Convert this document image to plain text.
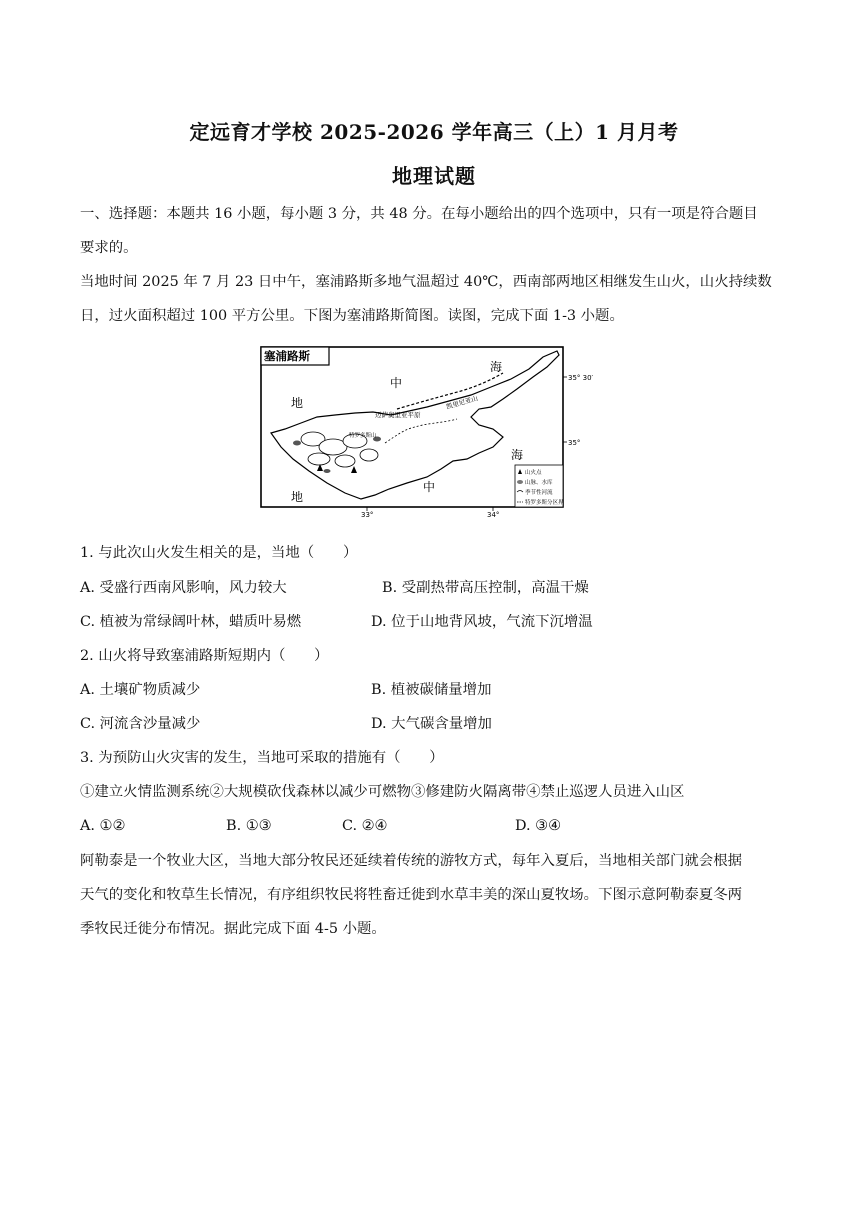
定远育才学校 2025-2026 学年高三（上）1 月月考
地理试题
一、选择题：本题共 16 小题，每小题 3 分，共 48 分。在每小题给出的四个选项中，只有一项是符合题目
要求的。
当地时间 2025 年 7 月 23 日中午，塞浦路斯多地气温超过 40℃，西南部两地区相继发生山火，山火持续数
日，过火面积超过 100 平方公里。下图为塞浦路斯简图。读图，完成下面 1-3 小题。
塞浦路斯
地
中
海
海
地
中
凯里尼亚山
迈萨奥里亚平原
特罗多斯山
35° 30′
35°
33°	34°
山火点
山脉、水库
季节性河流
特罗多斯分区界
1. 与此次山火发生相关的是，当地（　　）
A. 受盛行西南风影响，风力较大	B. 受副热带高压控制，高温干燥
C. 植被为常绿阔叶林，蜡质叶易燃	D. 位于山地背风坡，气流下沉增温
2. 山火将导致塞浦路斯短期内（　　）
A. 土壤矿物质减少	B. 植被碳储量增加
C. 河流含沙量减少	D. 大气碳含量增加
3. 为预防山火灾害的发生，当地可采取的措施有（　　）
①建立火情监测系统②大规模砍伐森林以减少可燃物③修建防火隔离带④禁止巡逻人员进入山区
A. ①②	B. ①③	C. ②④	D. ③④
阿勒泰是一个牧业大区，当地大部分牧民还延续着传统的游牧方式，每年入夏后，当地相关部门就会根据
天气的变化和牧草生长情况，有序组织牧民将牲畜迁徙到水草丰美的深山夏牧场。下图示意阿勒泰夏冬两
季牧民迁徙分布情况。据此完成下面 4-5 小题。
